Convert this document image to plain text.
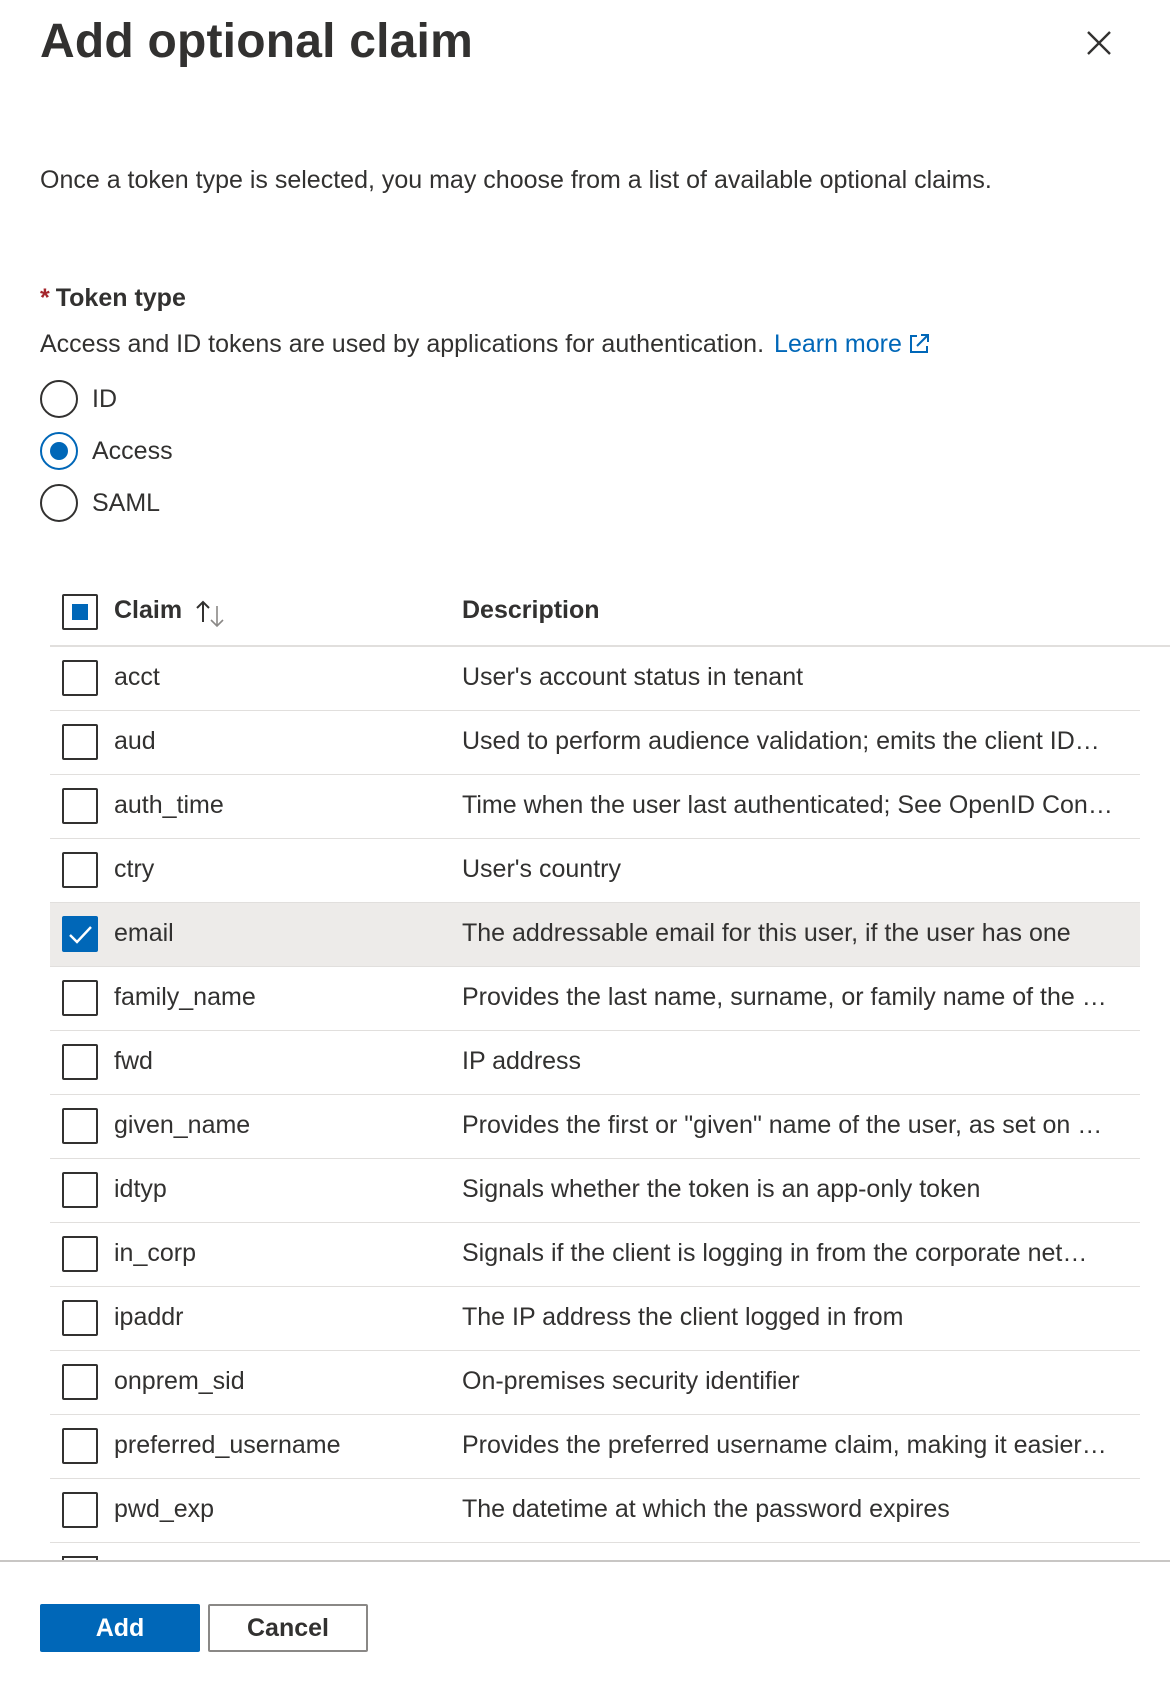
Add optional claim

Once a token type is selected, you may choose from a list of available optional claims.

* Token type
Access and ID tokens are used by applications for authentication. Learn more
ID
Access
SAML
Claim	Description
acct	User's account status in tenant
aud	Used to perform audience validation; emits the client ID…
auth_time	Time when the user last authenticated; See OpenID Con…
ctry	User's country
email	The addressable email for this user, if the user has one
family_name	Provides the last name, surname, or family name of the …
fwd	IP address
given_name	Provides the first or "given" name of the user, as set on …
idtyp	Signals whether the token is an app-only token
in_corp	Signals if the client is logging in from the corporate net…
ipaddr	The IP address the client logged in from
onprem_sid	On-premises security identifier
preferred_username	Provides the preferred username claim, making it easier…
pwd_exp	The datetime at which the password expires
Add	Cancel
